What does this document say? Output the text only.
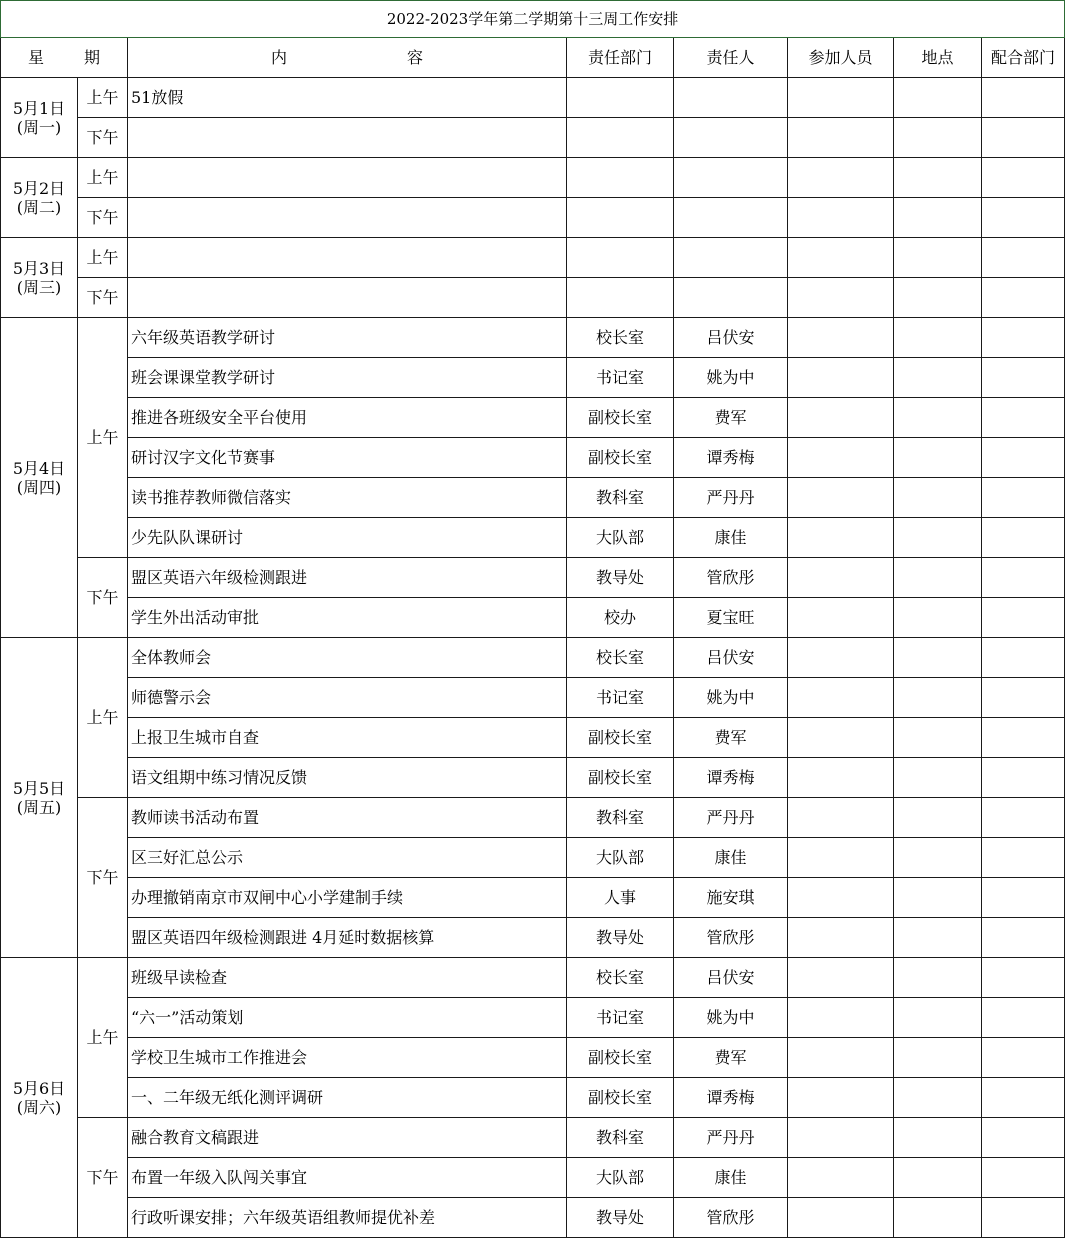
2022-2023学年第二学期第十三周工作安排							
星 期		内 容	责任部门	责任人	参加人员	地点	配合部门

5月1日
(周一)	上午	51放假					
	下午						

5月2日
(周二)	上午						
	下午						

5月3日
(周三)	上午						
	下午						

5月4日
(周四)	上午	六年级英语教学研讨	校长室	吕伏安			
		班会课课堂教学研讨	书记室	姚为中			
		推进各班级安全平台使用	副校长室	费军			
		研讨汉字文化节赛事	副校长室	谭秀梅			
		读书推荐教师微信落实	教科室	严丹丹			
		少先队队课研讨	大队部	康佳			
	下午	盟区英语六年级检测跟进	教导处	管欣彤			
		学生外出活动审批	校办	夏宝旺			

5月5日
(周五)	上午	全体教师会	校长室	吕伏安			
		师德警示会	书记室	姚为中			
		上报卫生城市自查	副校长室	费军			
		语文组期中练习情况反馈	副校长室	谭秀梅			
	下午	教师读书活动布置	教科室	严丹丹			
		区三好汇总公示	大队部	康佳			
		办理撤销南京市双闸中心小学建制手续	人事	施安琪			
		盟区英语四年级检测跟进 4月延时数据核算	教导处	管欣彤			

5月6日
(周六)	上午	班级早读检查	校长室	吕伏安			
		“六一”活动策划	书记室	姚为中			
		学校卫生城市工作推进会	副校长室	费军			
		一、二年级无纸化测评调研	副校长室	谭秀梅			
	下午	融合教育文稿跟进	教科室	严丹丹			
		布置一年级入队闯关事宜	大队部	康佳			
		行政听课安排；六年级英语组教师提优补差	教导处	管欣彤			
